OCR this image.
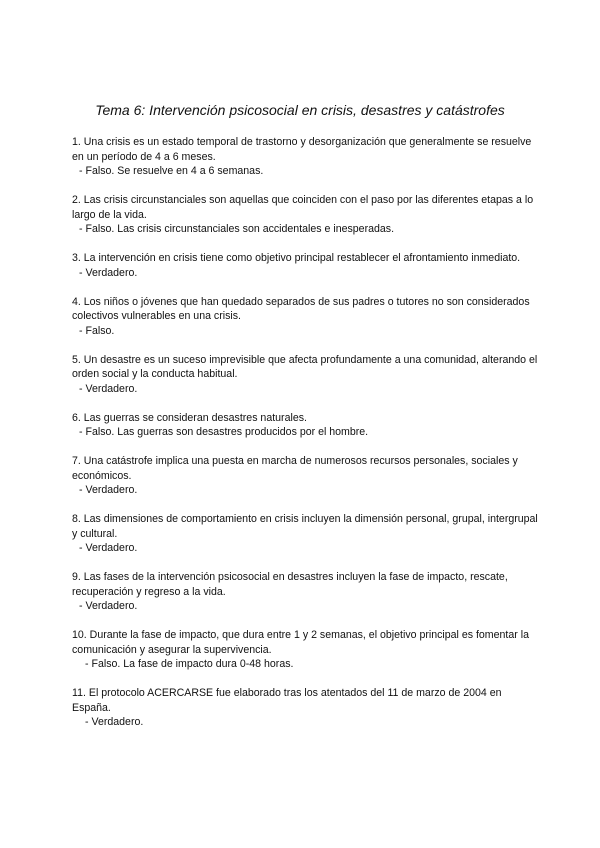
Tema 6: Intervención psicosocial en crisis, desastres y catástrofes

1. Una crisis es un estado temporal de trastorno y desorganización que generalmente se resuelve en un período de 4 a 6 meses.

- Falso. Se resuelve en 4 a 6 semanas.

2. Las crisis circunstanciales son aquellas que coinciden con el paso por las diferentes etapas a lo largo de la vida.

- Falso. Las crisis circunstanciales son accidentales e inesperadas.

3. La intervención en crisis tiene como objetivo principal restablecer el afrontamiento inmediato.

- Verdadero.

4. Los niños o jóvenes que han quedado separados de sus padres o tutores no son considerados colectivos vulnerables en una crisis.

- Falso.

5. Un desastre es un suceso imprevisible que afecta profundamente a una comunidad, alterando el orden social y la conducta habitual.

- Verdadero.

6. Las guerras se consideran desastres naturales.

- Falso. Las guerras son desastres producidos por el hombre.

7. Una catástrofe implica una puesta en marcha de numerosos recursos personales, sociales y económicos.

- Verdadero.

8. Las dimensiones de comportamiento en crisis incluyen la dimensión personal, grupal, intergrupal y cultural.

- Verdadero.

9. Las fases de la intervención psicosocial en desastres incluyen la fase de impacto, rescate, recuperación y regreso a la vida.

- Verdadero.

10. Durante la fase de impacto, que dura entre 1 y 2 semanas, el objetivo principal es fomentar la comunicación y asegurar la supervivencia.

- Falso. La fase de impacto dura 0-48 horas.

11. El protocolo ACERCARSE fue elaborado tras los atentados del 11 de marzo de 2004 en España.

- Verdadero.
